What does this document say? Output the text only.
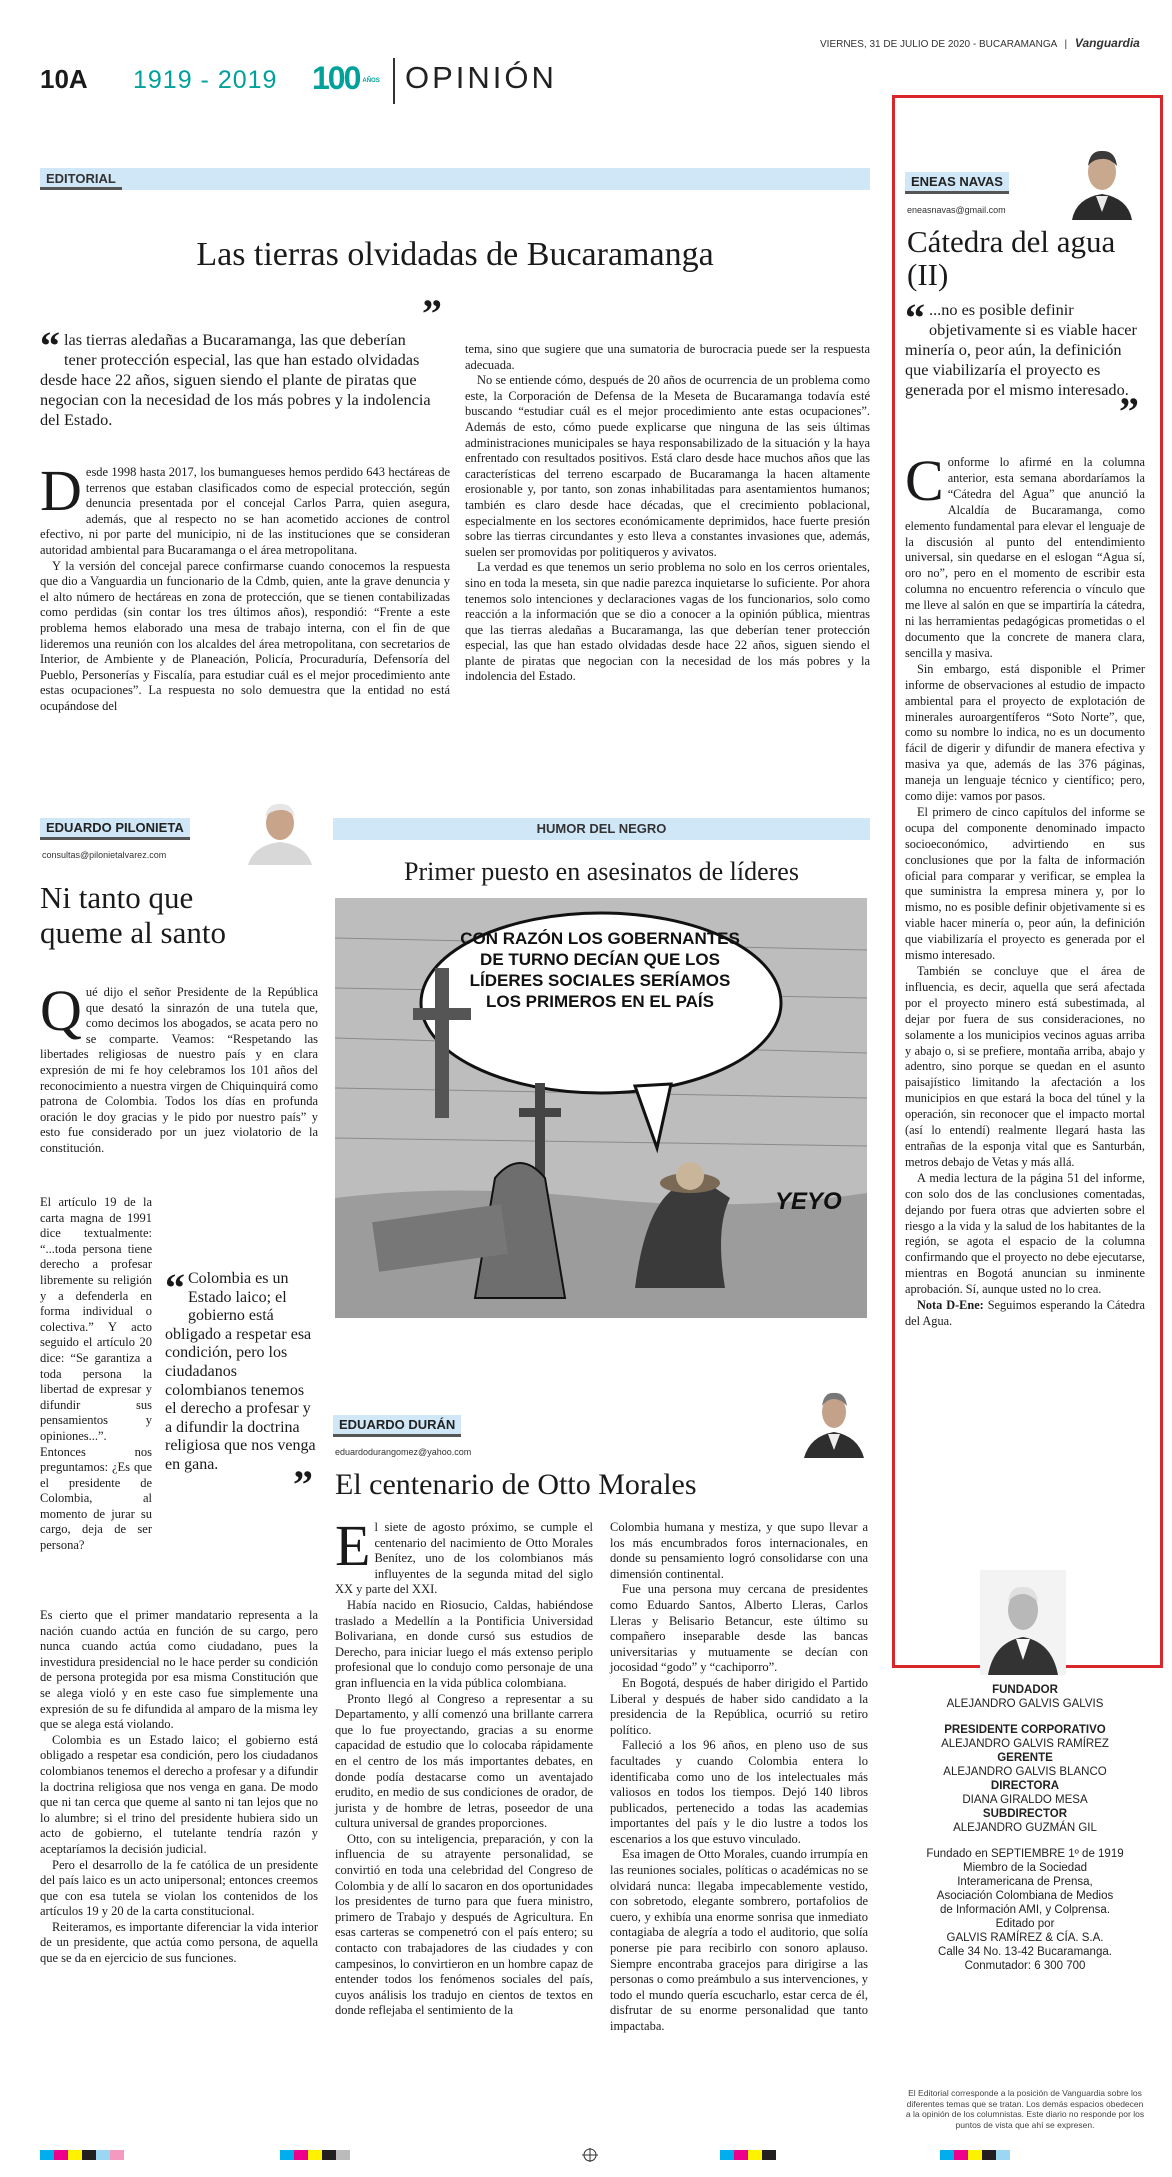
VIERNES, 31 DE JULIO DE 2020 - BUCARAMANGA | Vanguardia
10A 1919 - 2019 100 AÑOS OPINIÓN
EDITORIAL
Las tierras olvidadas de Bucaramanga
“ las tierras aledañas a Bucaramanga, las que deberían tener protección especial, las que han estado olvidadas desde hace 22 años, siguen siendo el plante de piratas que negocian con la necesidad de los más pobres y la indolencia del Estado.
”

Desde 1998 hasta 2017, los bumangueses hemos perdido 643 hectáreas de terrenos que estaban clasificados como de especial protección, según denuncia presentada por el concejal Carlos Parra, quien asegura, además, que al respecto no se han acometido acciones de control efectivo, ni por parte del municipio, ni de las instituciones que se consideran autoridad ambiental para Bucaramanga o el área metropolitana.

Y la versión del concejal parece confirmarse cuando conocemos la respuesta que dio a Vanguardia un funcionario de la Cdmb, quien, ante la grave denuncia y el alto número de hectáreas en zona de protección, que se tienen contabilizadas como perdidas (sin contar los tres últimos años), respondió: “Frente a este problema hemos elaborado una mesa de trabajo interna, con el fin de que lideremos una reunión con los alcaldes del área metropolitana, con secretarios de Interior, de Ambiente y de Planeación, Policía, Procuraduría, Defensoría del Pueblo, Personerías y Fiscalía, para estudiar cuál es el mejor procedimiento ante estas ocupaciones”. La respuesta no solo demuestra que la entidad no está ocupándose del

tema, sino que sugiere que una sumatoria de burocracia puede ser la respuesta adecuada.

No se entiende cómo, después de 20 años de ocurrencia de un problema como este, la Corporación de Defensa de la Meseta de Bucaramanga todavía esté buscando “estudiar cuál es el mejor procedimiento ante estas ocupaciones”. Además de esto, cómo puede explicarse que ninguna de las seis últimas administraciones municipales se haya responsabilizado de la situación y la haya enfrentado con resultados positivos. Está claro desde hace muchos años que las características del terreno escarpado de Bucaramanga la hacen altamente erosionable y, por tanto, son zonas inhabilitadas para asentamientos humanos; también es claro desde hace décadas, que el crecimiento poblacional, especialmente en los sectores económicamente deprimidos, hace fuerte presión sobre las tierras circundantes y esto lleva a constantes invasiones que, además, suelen ser promovidas por politiqueros y avivatos.

La verdad es que tenemos un serio problema no solo en los cerros orientales, sino en toda la meseta, sin que nadie parezca inquietarse lo suficiente. Por ahora tenemos solo intenciones y declaraciones vagas de los funcionarios, solo como reacción a la información que se dio a conocer a la opinión pública, mientras que las tierras aledañas a Bucaramanga, las que deberían tener protección especial, las que han estado olvidadas desde hace 22 años, siguen siendo el plante de piratas que negocian con la necesidad de los más pobres y la indolencia del Estado.

ENEAS NAVAS
eneasnavas@gmail.com
Cátedra del agua (II)
“ ...no es posible definir objetivamente si es viable hacer minería o, peor aún, la definición que viabilizaría el proyecto es generada por el mismo interesado.
”

Conforme lo afirmé en la columna anterior, esta semana abordaríamos la “Cátedra del Agua” que anunció la Alcaldía de Bucaramanga, como elemento fundamental para elevar el lenguaje de la discusión al punto del entendimiento universal, sin quedarse en el eslogan “Agua sí, oro no”, pero en el momento de escribir esta columna no encuentro referencia o vínculo que me lleve al salón en que se impartiría la cátedra, ni las herramientas pedagógicas prometidas o el documento que la concrete de manera clara, sencilla y masiva.

Sin embargo, está disponible el Primer informe de observaciones al estudio de impacto ambiental para el proyecto de explotación de minerales auroargentíferos “Soto Norte”, que, como su nombre lo indica, no es un documento fácil de digerir y difundir de manera efectiva y masiva ya que, además de las 376 páginas, maneja un lenguaje técnico y científico; pero, como dije: vamos por pasos.

El primero de cinco capítulos del informe se ocupa del componente denominado impacto socioeconómico, advirtiendo en sus conclusiones que por la falta de información oficial para comparar y verificar, se emplea la que suministra la empresa minera y, por lo mismo, no es posible definir objetivamente si es viable hacer minería o, peor aún, la definición que viabilizaría el proyecto es generada por el mismo interesado.

También se concluye que el área de influencia, es decir, aquella que será afectada por el proyecto minero está subestimada, al dejar por fuera de sus consideraciones, no solamente a los municipios vecinos aguas arriba y abajo o, si se prefiere, montaña arriba, abajo y adentro, sino porque se quedan en el asunto paisajístico limitando la afectación a los municipios en que estará la boca del túnel y la operación, sin reconocer que el impacto mortal (así lo entendí) realmente llegará hasta las entrañas de la esponja vital que es Santurbán, metros debajo de Vetas y más allá.

A media lectura de la página 51 del informe, con solo dos de las conclusiones comentadas, dejando por fuera otras que advierten sobre el riesgo a la vida y la salud de los habitantes de la región, se agota el espacio de la columna confirmando que el proyecto no debe ejecutarse, mientras en Bogotá anuncian su inminente aprobación. Sí, aunque usted no lo crea.

Nota D-Ene: Seguimos esperando la Cátedra del Agua.

EDUARDO PILONIETA
consultas@pilonietalvarez.com
Ni tanto que queme al santo

Qué dijo el señor Presidente de la República que desató la sinrazón de una tutela que, como decimos los abogados, se acata pero no se comparte. Veamos: “Respetando las libertades religiosas de nuestro país y en clara expresión de mi fe hoy celebramos los 101 años del reconocimiento a nuestra virgen de Chiquinquirá como patrona de Colombia. Todos los días en profunda oración le doy gracias y le pido por nuestro país” y esto fue considerado por un juez violatorio de la constitución.

El artículo 19 de la carta magna de 1991 dice textualmente: “...toda persona tiene derecho a profesar libremente su religión y a defenderla en forma individual o colectiva.” Y acto seguido el artículo 20 dice: “Se garantiza a toda persona la libertad de expresar y difundir sus pensamientos y opiniones...”. Entonces nos preguntamos: ¿Es que el presidente de Colombia, al momento de jurar su cargo, deja de ser persona?

“ Colombia es un Estado laico; el gobierno está obligado a respetar esa condición, pero los ciudadanos colombianos tenemos el derecho a profesar y a difundir la doctrina religiosa que nos venga en gana. ”

Es cierto que el primer mandatario representa a la nación cuando actúa en función de su cargo, pero nunca cuando actúa como ciudadano, pues la investidura presidencial no le hace perder su condición de persona protegida por esa misma Constitución que se alega violó y en este caso fue simplemente una expresión de su fe difundida al amparo de la misma ley que se alega está violando.

Colombia es un Estado laico; el gobierno está obligado a respetar esa condición, pero los ciudadanos colombianos tenemos el derecho a profesar y a difundir la doctrina religiosa que nos venga en gana. De modo que ni tan cerca que queme al santo ni tan lejos que no lo alumbre; si el trino del presidente hubiera sido un acto de gobierno, el tutelante tendría razón y aceptaríamos la decisión judicial.

Pero el desarrollo de la fe católica de un presidente del país laico es un acto unipersonal; entonces creemos que con esa tutela se violan los contenidos de los artículos 19 y 20 de la carta constitucional.

Reiteramos, es importante diferenciar la vida interior de un presidente, que actúa como persona, de aquella que se da en ejercicio de sus funciones.

HUMOR DEL NEGRO
Primer puesto en asesinatos de líderes
CON RAZÓN LOS GOBERNANTES DE TURNO DECÍAN QUE LOS LÍDERES SOCIALES SERÍAMOS LOS PRIMEROS EN EL PAÍS
YEYO
EDUARDO DURÁN
eduardodurangomez@yahoo.com
El centenario de Otto Morales

El siete de agosto próximo, se cumple el centenario del nacimiento de Otto Morales Benítez, uno de los colombianos más influyentes de la segunda mitad del siglo XX y parte del XXI.

Había nacido en Riosucio, Caldas, habiéndose traslado a Medellín a la Pontificia Universidad Bolivariana, en donde cursó sus estudios de Derecho, para iniciar luego el más extenso periplo profesional que lo condujo como personaje de una gran influencia en la vida pública colombiana.

Pronto llegó al Congreso a representar a su Departamento, y allí comenzó una brillante carrera que lo fue proyectando, gracias a su enorme capacidad de estudio que lo colocaba rápidamente en el centro de los más importantes debates, en donde podía destacarse como un aventajado erudito, en medio de sus condiciones de orador, de jurista y de hombre de letras, poseedor de una cultura universal de grandes proporciones.

Otto, con su inteligencia, preparación, y con la influencia de su atrayente personalidad, se convirtió en toda una celebridad del Congreso de Colombia y de allí lo sacaron en dos oportunidades los presidentes de turno para que fuera ministro, primero de Trabajo y después de Agricultura. En esas carteras se compenetró con el país entero; su contacto con trabajadores de las ciudades y con campesinos, lo convirtieron en un hombre capaz de entender todos los fenómenos sociales del país, cuyos análisis los tradujo en cientos de textos en donde reflejaba el sentimiento de la

Colombia humana y mestiza, y que supo llevar a los más encumbrados foros internacionales, en donde su pensamiento logró consolidarse con una dimensión continental.

Fue una persona muy cercana de presidentes como Eduardo Santos, Alberto Lleras, Carlos Lleras y Belisario Betancur, este último su compañero inseparable desde las bancas universitarias y mutuamente se decían con jocosidad “godo” y “cachiporro”.

En Bogotá, después de haber dirigido el Partido Liberal y después de haber sido candidato a la presidencia de la República, ocurrió su retiro político.

Falleció a los 96 años, en pleno uso de sus facultades y cuando Colombia entera lo identificaba como uno de los intelectuales más valiosos en todos los tiempos. Dejó 140 libros publicados, pertenecido a todas las academias importantes del país y le dio lustre a todos los escenarios a los que estuvo vinculado.

Esa imagen de Otto Morales, cuando irrumpía en las reuniones sociales, políticas o académicas no se olvidará nunca: llegaba impecablemente vestido, con sobretodo, elegante sombrero, portafolios de cuero, y exhibía una enorme sonrisa que inmediato contagiaba de alegría a todo el auditorio, que solía ponerse pie para recibirlo con sonoro aplauso. Siempre encontraba gracejos para dirigirse a las personas o como preámbulo a sus intervenciones, y todo el mundo quería escucharlo, estar cerca de él, disfrutar de su enorme personalidad que tanto impactaba.

FUNDADOR
ALEJANDRO GALVIS GALVIS
PRESIDENTE CORPORATIVO
ALEJANDRO GALVIS RAMÍREZ
GERENTE
ALEJANDRO GALVIS BLANCO
DIRECTORA
DIANA GIRALDO MESA
SUBDIRECTOR
ALEJANDRO GUZMÁN GIL
Fundado en SEPTIEMBRE 1º de 1919
Miembro de la Sociedad
Interamericana de Prensa,
Asociación Colombiana de Medios
de Información AMI, y Colprensa.
Editado por
GALVIS RAMÍREZ & CÍA. S.A.
Calle 34 No. 13-42 Bucaramanga.
Conmutador: 6 300 700
El Editorial corresponde a la posición de Vanguardia sobre los diferentes temas que se tratan. Los demás espacios obedecen a la opinión de los columnistas. Este diario no responde por los puntos de vista que ahí se expresen.
